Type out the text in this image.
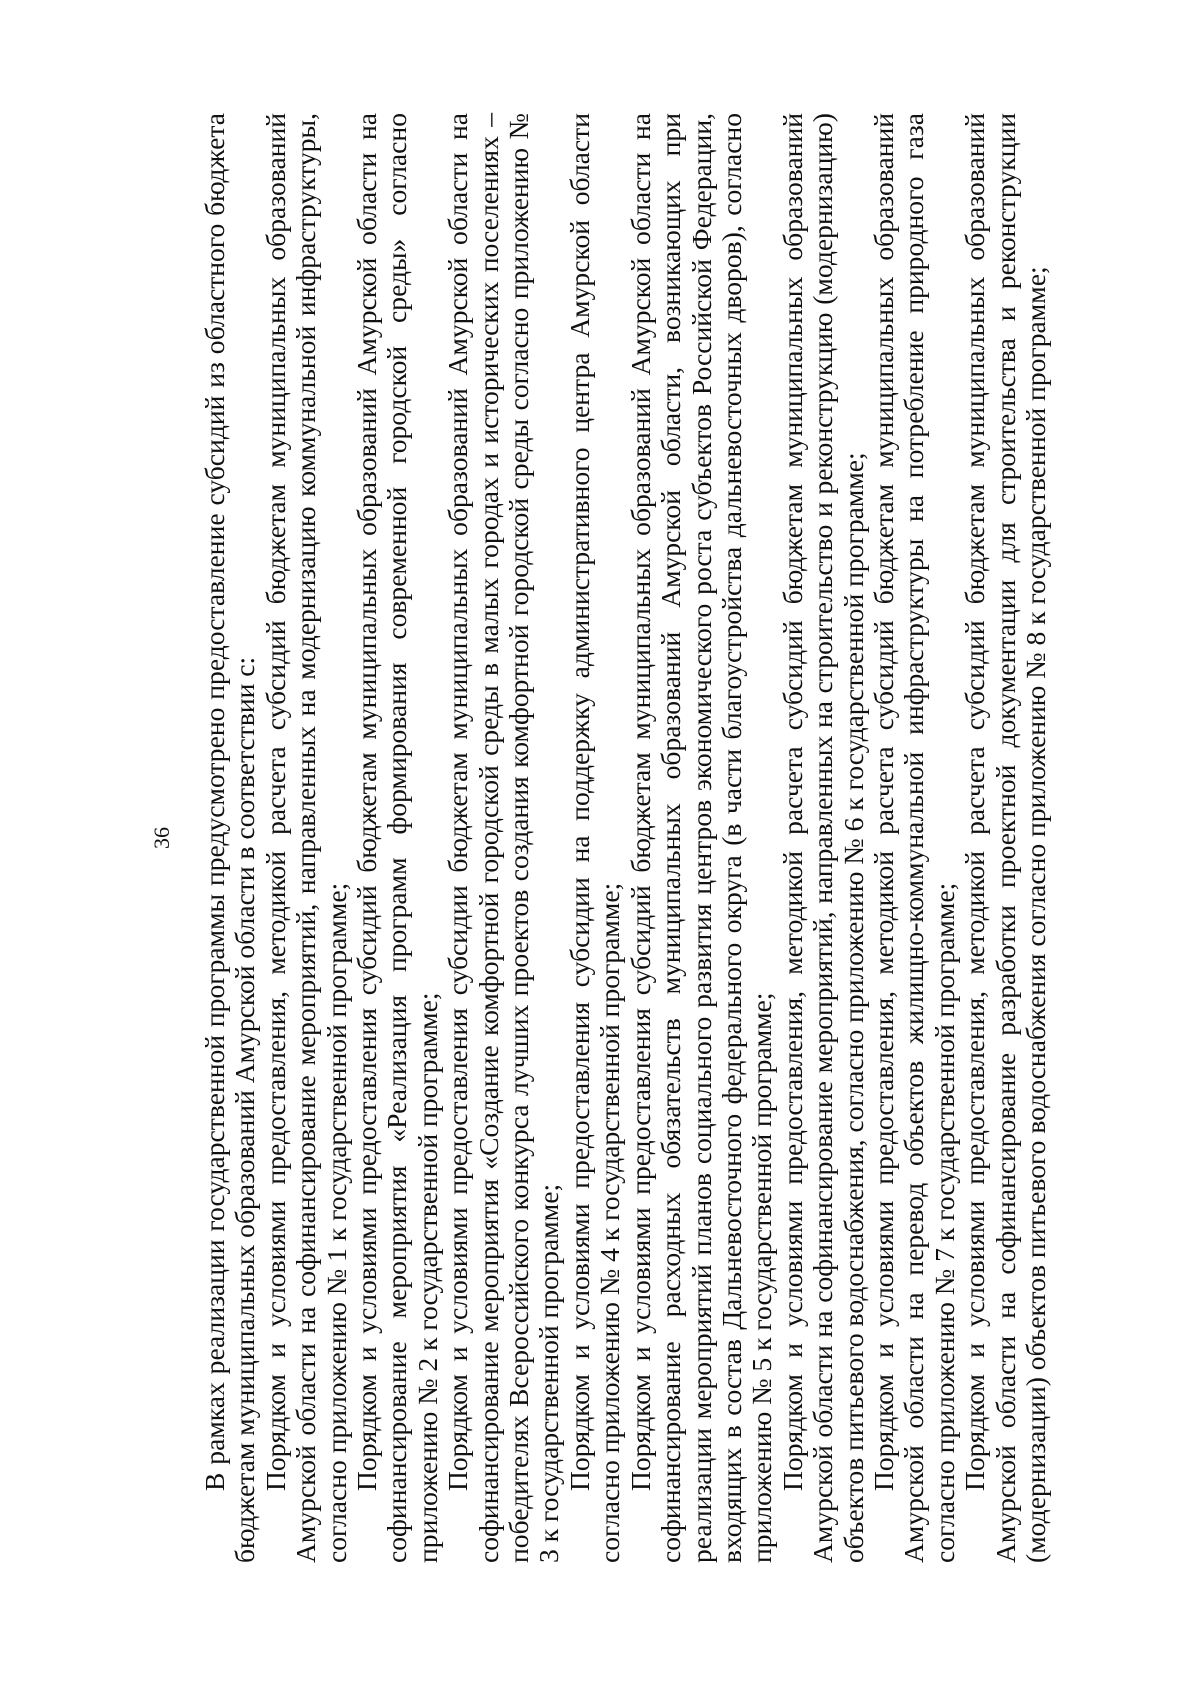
36 В рамках реализации государственной программы предусмотрено предоставление субсидий из областного бюджета бюджетам муниципальных образований Амурской области в соответствии с: Порядком и условиями предоставления, методикой расчета субсидий бюджетам муниципальных образований Амурской области на софинансирование мероприятий, направленных на модернизацию коммунальной инфраструктуры, согласно приложению № 1 к государственной программе; Порядком и условиями предоставления субсидий бюджетам муниципальных образований Амурской области на софинансирование мероприятия «Реализация программ формирования современной городской среды» согласно приложению № 2 к государственной программе; Порядком и условиями предоставления субсидии бюджетам муниципальных образований Амурской области на софинансирование мероприятия «Создание комфортной городской среды в малых городах и исторических поселениях – победителях Всероссийского конкурса лучших проектов создания комфортной городской среды согласно приложению № 3 к государственной программе; Порядком и условиями предоставления субсидии на поддержку административного центра Амурской области согласно приложению № 4 к государственной программе; Порядком и условиями предоставления субсидий бюджетам муниципальных образований Амурской области на софинансирование расходных обязательств муниципальных образований Амурской области, возникающих при реализации мероприятий планов социального развития центров экономического роста субъектов Российской Федерации, входящих в состав Дальневосточного федерального округа (в части благоустройства дальневосточных дворов), согласно приложению № 5 к государственной программе; Порядком и условиями предоставления, методикой расчета субсидий бюджетам муниципальных образований Амурской области на софинансирование мероприятий, направленных на строительство и реконструкцию (модернизацию) объектов питьевого водоснабжения, согласно приложению № 6 к государственной программе; Порядком и условиями предоставления, методикой расчета субсидий бюджетам муниципальных образований Амурской области на перевод объектов жилищно-коммунальной инфраструктуры на потребление природного газа согласно приложению № 7 к государственной программе; Порядком и условиями предоставления, методикой расчета субсидий бюджетам муниципальных образований Амурской области на софинансирование разработки проектной документации для строительства и реконструкции (модернизации) объектов питьевого водоснабжения согласно приложению № 8 к государственной программе;
